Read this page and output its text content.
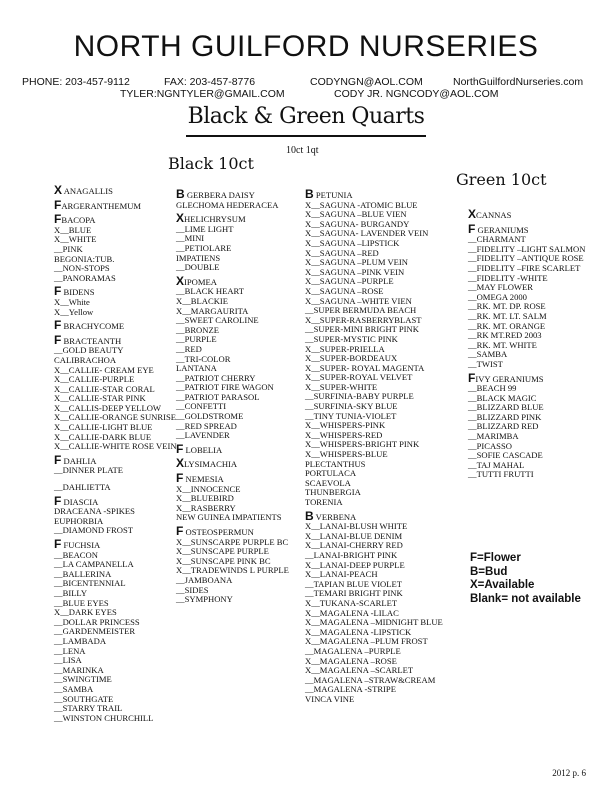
NORTH GUILFORD NURSERIES
PHONE: 203-457-9112	FAX: 203-457-8776	CODYNGN@AOL.COM	NorthGuilfordNurseries.com
TYLER:NGNTYLER@GMAIL.COM	CODY JR. NGNCODY@AOL.COM
Black & Green Quarts
10ct 1qt
Black 10ct
Green 10ct
X ANAGALLIS
FARGERANTHEMUM
FBACOPA
X__BLUE
X__WHITE
__PINK
BEGONIA:TUB.
__NON-STOPS
__PANORAMAS
F BIDENS
X__White
X__Yellow
F BRACHYCOME
F BRACTEANTH
__GOLD BEAUTY
CALIBRACHOA
X__CALLIE- CREAM EYE
X__CALLIE-PURPLE
X__CALLIE-STAR CORAL
X__CALLIE-STAR PINK
X__CALLIS-DEEP YELLOW
X__CALLIE-ORANGE SUNRISE
X__CALLIE-LIGHT BLUE
X__CALLIE-DARK BLUE
X__CALLIE-WHITE ROSE VEIN
F DAHLIA
__DINNER PLATE
__DAHLIETTA
F DIASCIA
DRACEANA -SPIKES
EUPHORBIA
__DIAMOND FROST
F FUCHSIA
__BEACON
__LA CAMPANELLA
__BALLERINA
__BICENTENNIAL
__BILLY
__BLUE EYES
X__DARK EYES
__DOLLAR PRINCESS
__GARDENMEISTER
__LAMBADA
__LENA
__LISA
__MARINKA
__SWINGTIME
__SAMBA
__SOUTHGATE
__STARRY TRAIL
__WINSTON CHURCHILL
B GERBERA DAISY
GLECHOMA HEDERACEA
XHELICHRYSUM
__LIME LIGHT
__MINI
__PETIOLARE
IMPATIENS
__DOUBLE
XIPOMEA
__BLACK HEART
X__BLACKIE
X__MARGAURITA
__SWEET CAROLINE
__BRONZE
__PURPLE
__RED
__TRI-COLOR
LANTANA
__PATRIOT CHERRY
__PATRIOT FIRE WAGON
__PATRIOT PARASOL
__CONFETTI
__GOLDSTROME
__RED SPREAD
__LAVENDER
F LOBELIA
XLYSIMACHIA
F NEMESIA
X__INNOCENCE
X__BLUEBIRD
X__RASBERRY
NEW GUINEA IMPATIENTS
F OSTEOSPERMUN
X__SUNSCARPE PURPLE BC
X__SUNSCAPE PURPLE
X__SUNSCAPE PINK BC
X__TRADEWINDS L PURPLE
__JAMBOANA
__SIDES
__SYMPHONY
B PETUNIA
X__SAGUNA -ATOMIC BLUE
X__SAGUNA –BLUE VIEN
X__SAGUNA- BURGANDY
X__SAGUNA- LAVENDER VEIN
X__SAGUNA –LIPSTICK
X__SAGUNA –RED
X__SAGUNA –PLUM VEIN
X__SAGUNA –PINK VEIN
X__SAGUNA –PURPLE
X__SAGUNA –ROSE
X__SAGUNA –WHITE VIEN
__SUPER BERMUDA BEACH
X__SUPER-RASBERRYBLAST
__SUPER-MINI BRIGHT PINK
__SUPER-MYSTIC PINK
X__SUPER-PRIELLA
X__SUPER-BORDEAUX
X__SUPER- ROYAL MAGENTA
X__SUPER-ROYAL VELVET
X__SUPER-WHITE
__SURFINIA-BABY PURPLE
__SURFINIA-SKY BLUE
__TINY TUNIA-VIOLET
X__WHISPERS-PINK
X__WHISPERS-RED
X__WHISPERS-BRIGHT PINK
X__WHISPERS-BLUE
PLECTANTHUS
PORTULACA
SCAEVOLA
THUNBERGIA
TORENIA
B VERBENA
X__LANAI-BLUSH WHITE
X__LANAI-BLUE DENIM
X__LANAI-CHERRY RED
__LANAI-BRIGHT PINK
X__LANAI-DEEP PURPLE
X__LANAI-PEACH
__TAPIAN BLUE VIOLET
__TEMARI BRIGHT PINK
X__TUKANA-SCARLET
X__MAGALENA -LILAC
X__MAGALENA –MIDNIGHT BLUE
X__MAGALENA -LIPSTICK
X__MAGALENA –PLUM FROST
__MAGALENA –PURPLE
X__MAGALENA –ROSE
X__MAGALENA –SCARLET
__MAGALENA –STRAW&CREAM
__MAGALENA -STRIPE
VINCA VINE
XCANNAS
F GERANIUMS
__CHARMANT
__FIDELITY –LIGHT SALMON
__FIDELITY –ANTIQUE ROSE
__FIDELITY –FIRE SCARLET
__FIDELITY -WHITE
__MAY FLOWER
__OMEGA 2000
__RK. MT. DP. ROSE
__RK. MT. LT. SALM
__RK. MT. ORANGE
__RK MT.RED 2003
__RK. MT. WHITE
__SAMBA
__TWIST
FIVY GERANIUMS
__BEACH 99
__BLACK MAGIC
__BLIZZARD BLUE
__BLIZZARD PINK
__BLIZZARD RED
__MARIMBA
__PICASSO
__SOFIE CASCADE
__TAJ MAHAL
__TUTTI FRUTTI
F=Flower
B=Bud
X=Available
Blank= not available
2012 p. 6
